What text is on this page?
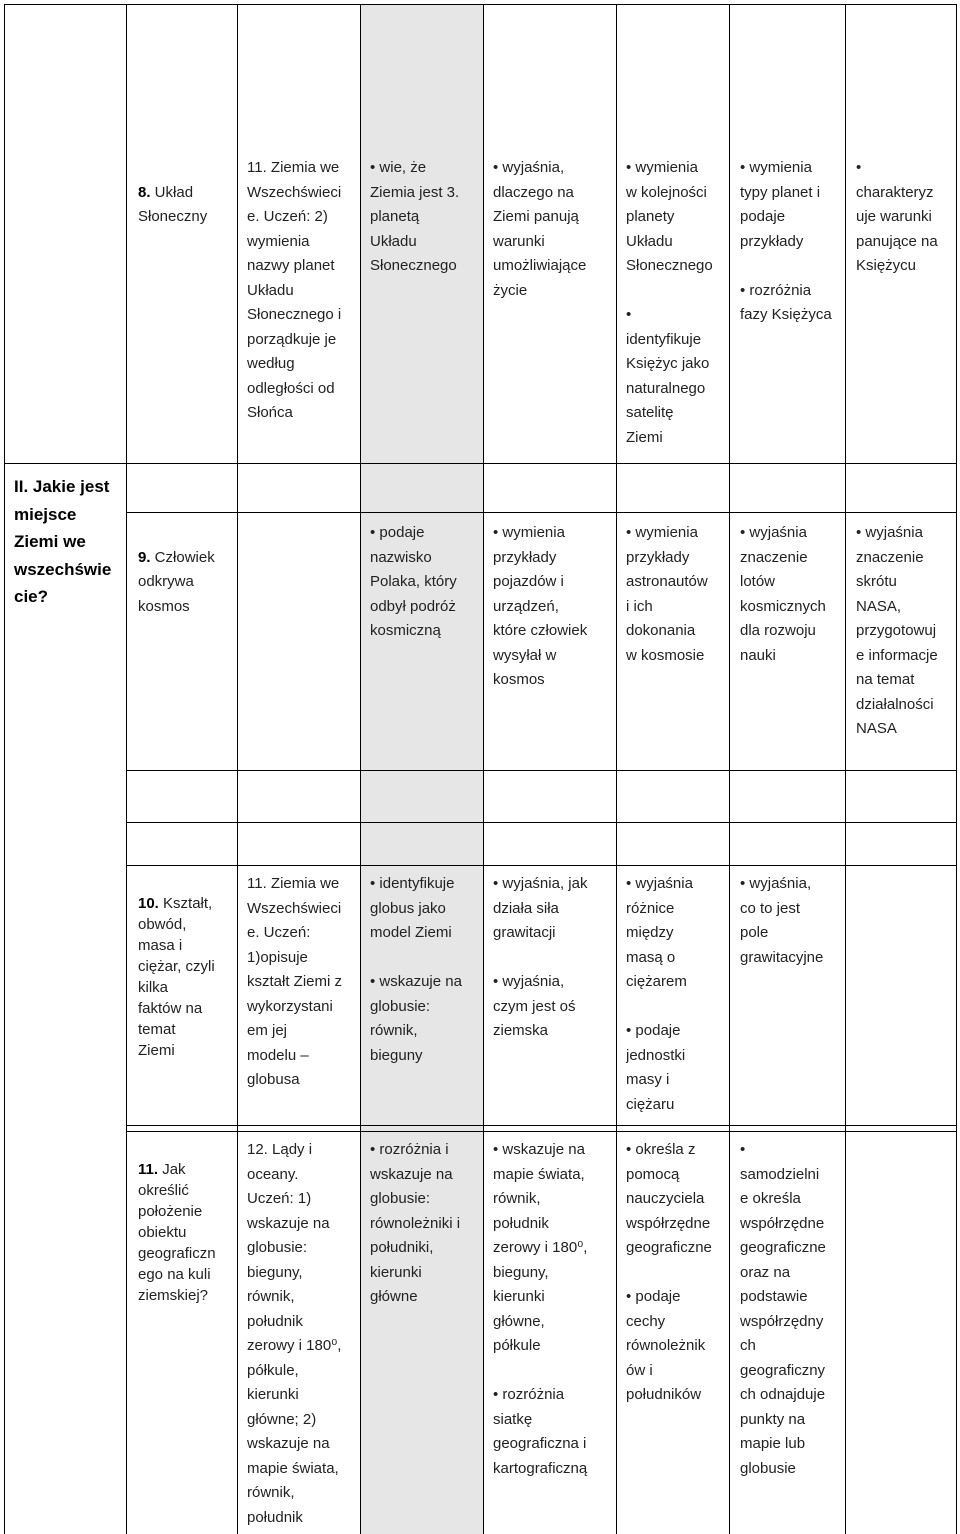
II. Jakie jest
miejsce
Ziemi we
wszechświe
cie?

8. Układ
Słoneczny

11. Ziemia we
Wszechświeci
e. Uczeń: 2)
wymienia
nazwy planet
Układu
Słonecznego i
porządkuje je
według
odległości od
Słońca
• wie, że
Ziemia jest 3.
planetą
Układu
Słonecznego
• wyjaśnia,
dlaczego na
Ziemi panują
warunki
umożliwiające
życie
• wymienia
w kolejności
planety
Układu
Słonecznego

•
identyfikuje
Księżyc jako
naturalnego
satelitę
Ziemi
• wymienia
typy planet i
podaje
przykłady

• rozróżnia
fazy Księżyca
•
charakteryz
uje warunki
panujące na
Księżycu

9. Człowiek
odkrywa
kosmos

• podaje
nazwisko
Polaka, który
odbył podróż
kosmiczną
• wymienia
przykłady
pojazdów i
urządzeń,
które człowiek
wysyłał w
kosmos
• wymienia
przykłady
astronautów
i ich
dokonania
w kosmosie
• wyjaśnia
znaczenie
lotów
kosmicznych
dla rozwoju
nauki
• wyjaśnia
znaczenie
skrótu
NASA,
przygotowuj
e informacje
na temat
działalności
NASA

10. Kształt,
obwód,
masa i
ciężar, czyli
kilka
faktów na
temat
Ziemi

11. Ziemia we
Wszechświeci
e. Uczeń:
1)opisuje
kształt Ziemi z
wykorzystani
em jej
modelu –
globusa
• identyfikuje
globus jako
model Ziemi

• wskazuje na
globusie:
równik,
bieguny
• wyjaśnia, jak
działa siła
grawitacji

• wyjaśnia,
czym jest oś
ziemska
• wyjaśnia
różnice
między
masą o
ciężarem

• podaje
jednostki
masy i
ciężaru
• wyjaśnia,
co to jest
pole
grawitacyjne

11. Jak
określić
położenie
obiektu
geograficzn
ego na kuli
ziemskiej?

12. Lądy i
oceany.
Uczeń: 1)
wskazuje na
globusie:
bieguny,
równik,
południk
zerowy i 180⁰,
półkule,
kierunki
główne; 2)
wskazuje na
mapie świata,
równik,
południk
• rozróżnia i
wskazuje na
globusie:
równoleżniki i
południki,
kierunki
główne
• wskazuje na
mapie świata,
równik,
południk
zerowy i 180⁰,
bieguny,
kierunki
główne,
półkule

• rozróżnia
siatkę
geograficzna i
kartograficzną
• określa z
pomocą
nauczyciela
współrzędne
geograficzne

• podaje
cechy
równoleżnik
ów i
południków
•
samodzielni
e określa
współrzędne
geograficzne
oraz na
podstawie
współrzędny
ch
geograficzny
ch odnajduje
punkty na
mapie lub
globusie
